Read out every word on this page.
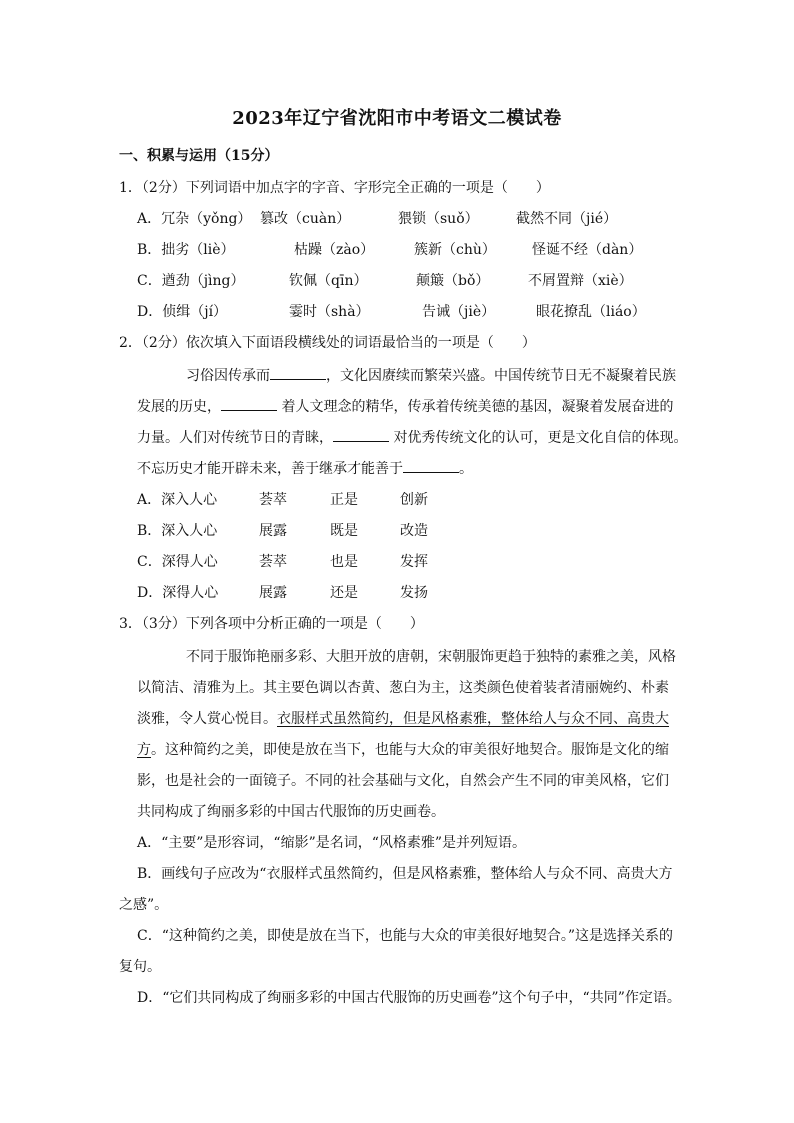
2023年辽宁省沈阳市中考语文二模试卷
一、积累与运用（15分）
1．（2分）下列词语中加点字的字音、字形完全正确的一项是（　　）
A．冗杂（yǒng） 篡改（cuàn）	猥锁（suǒ）	截然不同（jié）
B．拙劣（liè）	枯躁（zào）	簇新（chù）	怪诞不经（dàn）
C．遒劲（jìng）	钦佩（qīn）	颠簸（bǒ）	不屑置辩（xiè）
D．侦缉（jí）	霎时（shà）	告诫（jiè）	眼花撩乱（liáo）
2．（2分）依次填入下面语段横线处的词语最恰当的一项是（　　）
习俗因传承而	，文化因赓续而繁荣兴盛。中国传统节日无不凝聚着民族
发展的历史，	着人文理念的精华，传承着传统美德的基因，凝聚着发展奋进的
力量。人们对传统节日的青睐，	对优秀传统文化的认可，更是文化自信的体现。
不忘历史才能开辟未来，善于继承才能善于	。
A．深入人心	荟萃	正是	创新
B．深入人心	展露	既是	改造
C．深得人心	荟萃	也是	发挥
D．深得人心	展露	还是	发扬
3．（3分）下列各项中分析正确的一项是（　　）
不同于服饰艳丽多彩、大胆开放的唐朝，宋朝服饰更趋于独特的素雅之美，风格
以简洁、清雅为上。其主要色调以杏黄、葱白为主，这类颜色使着装者清丽婉约、朴素
淡雅，令人赏心悦目。衣服样式虽然简约，但是风格素雅，整体给人与众不同、高贵大
方。这种简约之美，即使是放在当下，也能与大众的审美很好地契合。服饰是文化的缩
影，也是社会的一面镜子。不同的社会基础与文化，自然会产生不同的审美风格，它们
共同构成了绚丽多彩的中国古代服饰的历史画卷。
A．“主要”是形容词，“缩影”是名词，“风格素雅”是并列短语。
B．画线句子应改为“衣服样式虽然简约，但是风格素雅，整体给人与众不同、高贵大方
之感”。
C．“这种简约之美，即使是放在当下，也能与大众的审美很好地契合。”这是选择关系的
复句。
D．“它们共同构成了绚丽多彩的中国古代服饰的历史画卷”这个句子中，“共同”作定语。
